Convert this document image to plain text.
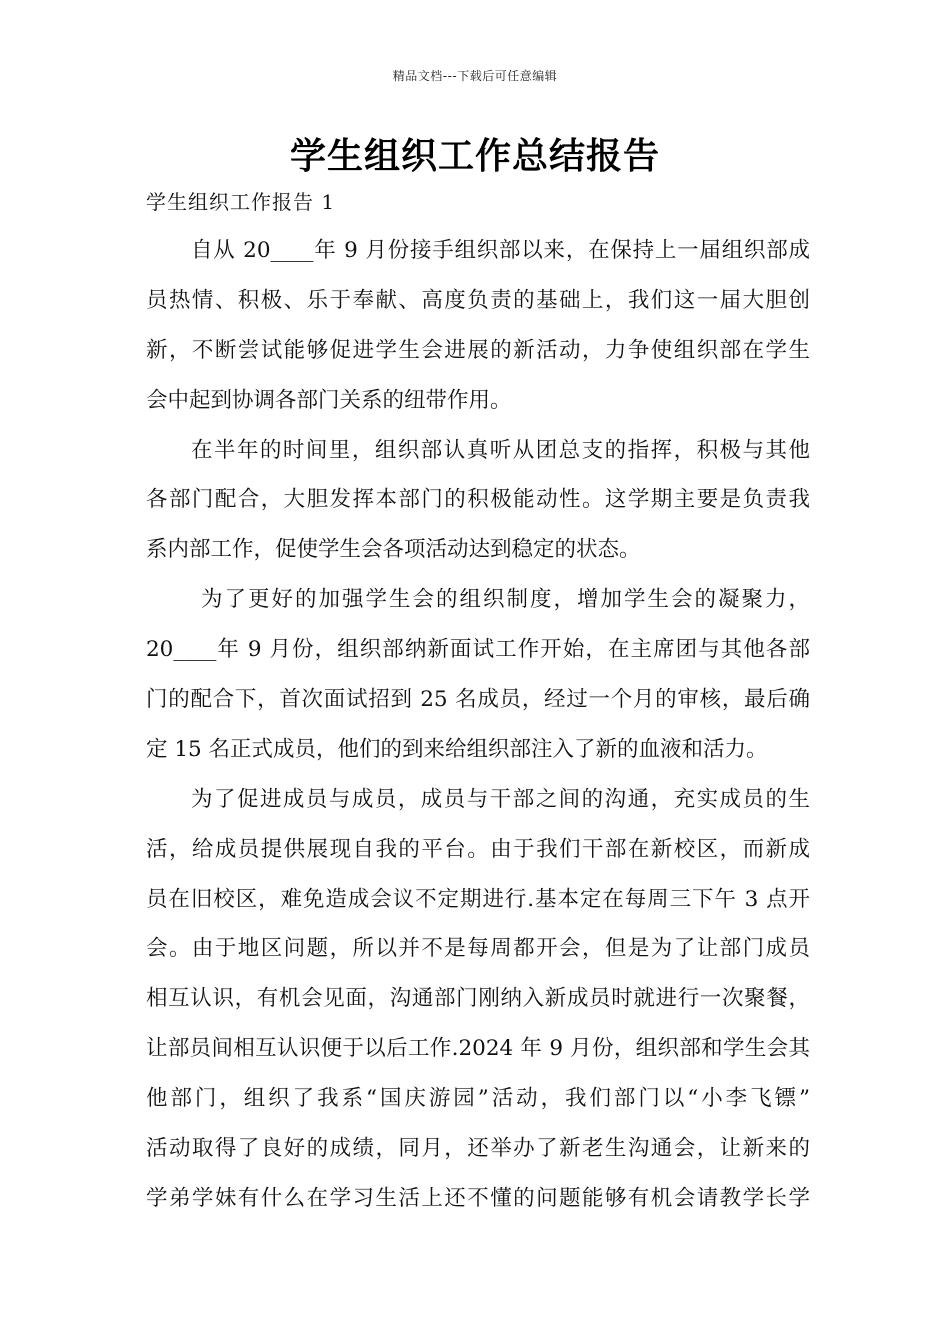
精品文档---下载后可任意编辑
学生组织工作总结报告
学生组织工作报告 1
自从 20____年 9 月份接手组织部以来，在保持上一届组织部成
员热情、积极、乐于奉献、高度负责的基础上，我们这一届大胆创
新，不断尝试能够促进学生会进展的新活动，力争使组织部在学生
会中起到协调各部门关系的纽带作用。
在半年的时间里，组织部认真听从团总支的指挥，积极与其他
各部门配合，大胆发挥本部门的积极能动性。这学期主要是负责我
系内部工作，促使学生会各项活动达到稳定的状态。
为了更好的加强学生会的组织制度，增加学生会的凝聚力，
20____年 9 月份，组织部纳新面试工作开始，在主席团与其他各部
门的配合下，首次面试招到 25 名成员，经过一个月的审核，最后确
定 15 名正式成员，他们的到来给组织部注入了新的血液和活力。
为了促进成员与成员，成员与干部之间的沟通，充实成员的生
活，给成员提供展现自我的平台。由于我们干部在新校区，而新成
员在旧校区，难免造成会议不定期进行.基本定在每周三下午 3 点开
会。由于地区问题，所以并不是每周都开会，但是为了让部门成员
相互认识，有机会见面，沟通部门刚纳入新成员时就进行一次聚餐，
让部员间相互认识便于以后工作.2024 年 9 月份，组织部和学生会其
他部门，组织了我系“国庆游园”活动，我们部门以“小李飞镖”
活动取得了良好的成绩，同月，还举办了新老生沟通会，让新来的
学弟学妹有什么在学习生活上还不懂的问题能够有机会请教学长学
